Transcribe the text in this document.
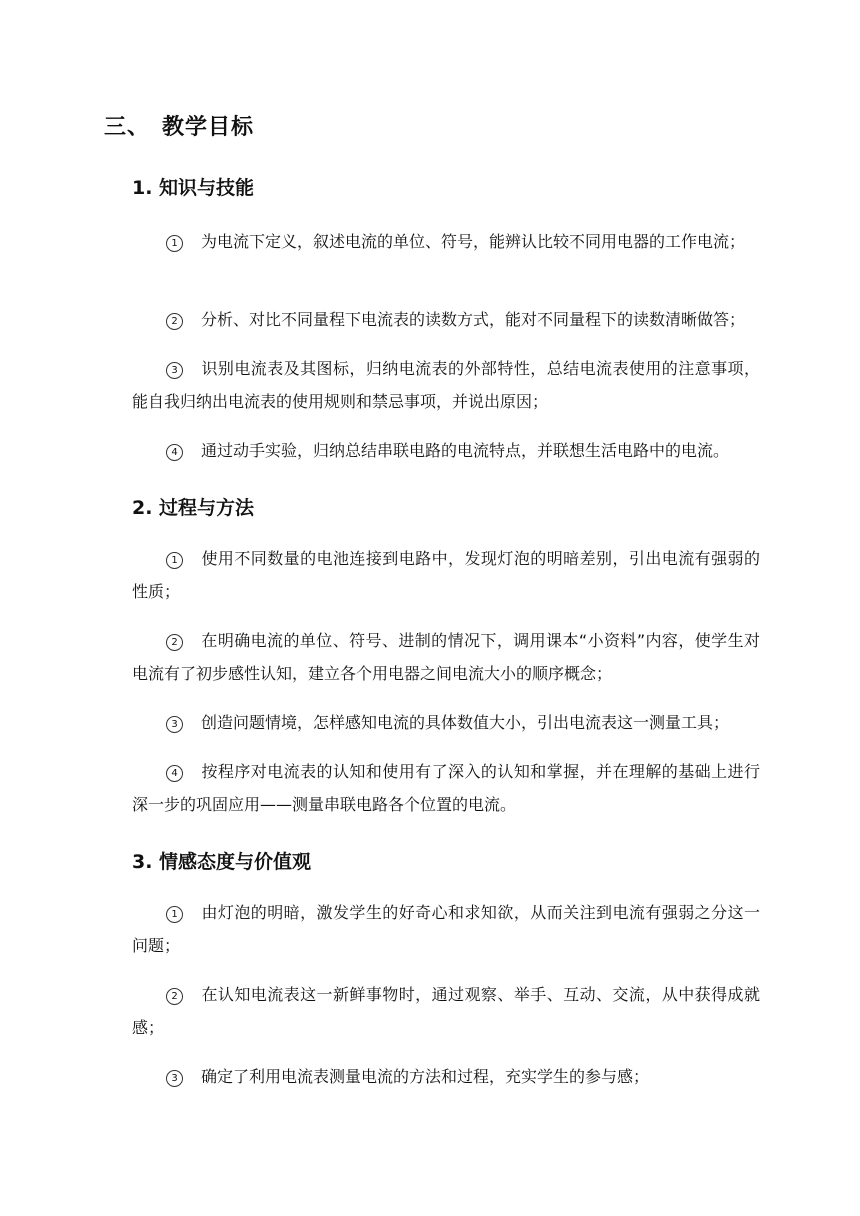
三、 教学目标
1. 知识与技能
1 为电流下定义，叙述电流的单位、符号，能辨认比较不同用电器的工作电流；
2 分析、对比不同量程下电流表的读数方式，能对不同量程下的读数清晰做答；
3 识别电流表及其图标，归纳电流表的外部特性，总结电流表使用的注意事项，能自我归纳出电流表的使用规则和禁忌事项，并说出原因；
4 通过动手实验，归纳总结串联电路的电流特点，并联想生活电路中的电流。
2. 过程与方法
1 使用不同数量的电池连接到电路中，发现灯泡的明暗差别，引出电流有强弱的性质；
2 在明确电流的单位、符号、进制的情况下，调用课本“小资料”内容，使学生对电流有了初步感性认知，建立各个用电器之间电流大小的顺序概念；
3 创造问题情境，怎样感知电流的具体数值大小，引出电流表这一测量工具；
4 按程序对电流表的认知和使用有了深入的认知和掌握，并在理解的基础上进行深一步的巩固应用——测量串联电路各个位置的电流。
3. 情感态度与价值观
1 由灯泡的明暗，激发学生的好奇心和求知欲，从而关注到电流有强弱之分这一问题；
2 在认知电流表这一新鲜事物时，通过观察、举手、互动、交流，从中获得成就感；
3 确定了利用电流表测量电流的方法和过程，充实学生的参与感；
